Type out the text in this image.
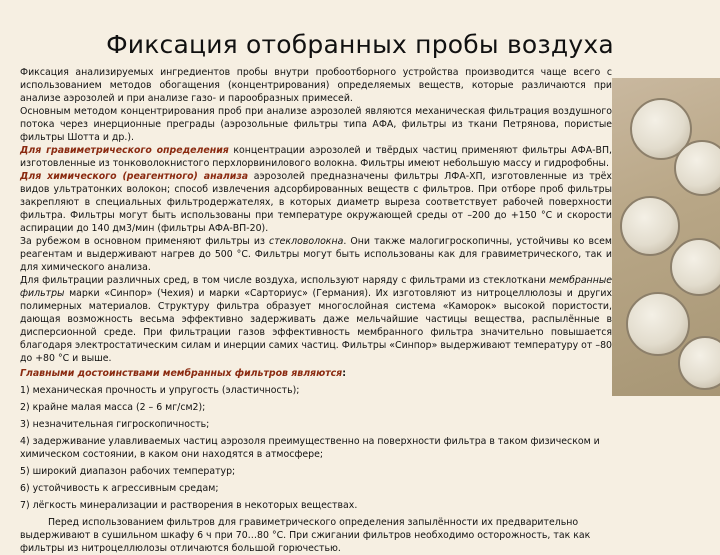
Фиксация отобранных пробы воздуха

Фиксация анализируемых ингредиентов пробы внутри пробоотборного устройства производится чаще всего с использованием методов обогащения (концентрирования) определяемых веществ, которые различаются при анализе аэрозолей и при анализе газо- и парообразных примесей.

Основным методом концентрирования проб при анализе аэрозолей являются механическая фильтрация воздушного потока через инерционные преграды (аэрозольные фильтры типа АФА, фильтры из ткани Петрянова, пористые фильтры Шотта и др.).

Для гравиметрического определения концентрации аэрозолей и твёрдых частиц применяют фильтры АФА-ВП, изготовленные из тонковолокнистого перхлорвинилового волокна. Фильтры имеют небольшую массу и гидрофобны.

Для химического (реагентного) анализа аэрозолей предназначены фильтры ЛФА-ХП, изготовленные из трёх видов ультратонких волокон; способ извлечения адсорбированных веществ с фильтров. При отборе проб фильтры закрепляют в специальных фильтродержателях, в которых диаметр выреза соответствует рабочей поверхности фильтра. Фильтры могут быть использованы при температуре окружающей среды от –200 до +150 °С и скорости аспирации до 140 дм3/мин (фильтры АФА-ВП-20).

За рубежом в основном применяют фильтры из стекловолокна. Они также малогигроскопичны, устойчивы ко всем реагентам и выдерживают нагрев до 500 °С. Фильтры могут быть использованы как для гравиметрического, так и для химического анализа.

Для фильтрации различных сред, в том числе воздуха, используют наряду с фильтрами из стеклоткани мембранные фильтры марки «Синпор» (Чехия) и марки «Сарториус» (Германия). Их изготовляют из нитроцеллюлозы и других полимерных материалов. Структуру фильтра образует многослойная система «Каморок» высокой пористости, дающая возможность весьма эффективно задерживать даже мельчайшие частицы вещества, распылённые в дисперсионной среде. При фильтрации газов эффективность мембранного фильтра значительно повышается благодаря электростатическим силам и инерции самих частиц. Фильтры «Синпор» выдерживают температуру от –80 до +80 °С и выше.

Главными достоинствами мембранных фильтров являются:

1) механическая прочность и упругость (эластичность);

2) крайне малая масса (2 – 6 мг/см2);

3) незначительная гигроскопичность;

4) задерживание улавливаемых частиц аэрозоля преимущественно на поверхности фильтра в таком физическом и химическом состоянии, в каком они находятся в атмосфере;

5) широкий диапазон рабочих температур;

6) устойчивость к агрессивным средам;

7) лёгкость минерализации и растворения в некоторых веществах.

Перед использованием фильтров для гравиметрического определения запылённости их предварительно выдерживают в сушильном шкафу 6 ч при 70…80 °С. При сжигании фильтров необходимо осторожность, так как фильтры из нитроцеллюлозы отличаются большой горючестью.
